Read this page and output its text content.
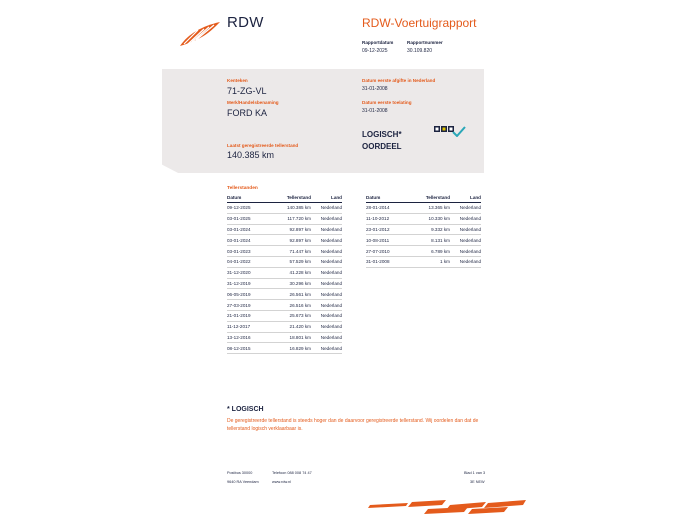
RDW	RDW-Voertuigrapport
Rapportdatum
09-12-2025
Rapportnummer
30.109.820
Kenteken
71-ZG-VL
Merk/Handelsbenaming
FORD KA
Laatst geregistreerde tellerstand
140.385 km
Datum eerste afgifte in Nederland
31-01-2008
Datum eerste toelating
31-01-2008
LOGISCH*
OORDEEL
Tellerstanden
Datum	Tellerstand	Land
09-12-2025	140.385 km	Nederland
03-01-2025	117.720 km	Nederland
03-01-2024	92.897 km	Nederland
03-01-2024	92.897 km	Nederland
03-01-2023	71.447 km	Nederland
04-01-2022	57.529 km	Nederland
31-12-2020	41.228 km	Nederland
31-12-2019	30.296 km	Nederland
06-05-2019	26.561 km	Nederland
27-03-2019	26.516 km	Nederland
21-01-2019	25.673 km	Nederland
11-12-2017	21.420 km	Nederland
13-12-2016	18.801 km	Nederland
08-12-2015	16.829 km	Nederland
Datum	Tellerstand	Land
28-01-2014	13.365 km	Nederland
11-10-2012	10.330 km	Nederland
23-01-2012	9.332 km	Nederland
10-08-2011	8.131 km	Nederland
27-07-2010	6.789 km	Nederland
31-01-2008	1 km	Nederland
* LOGISCH
De geregistreerde tellerstand is steeds hoger dan de daarvoor geregistreerde tellerstand. Wij oordelen dan dat de tellerstand logisch verklaarbaar is.
Postbus 30000
9640 RA Veendam
Telefoon 088 008 74 47
www.rdw.nl
Blad 1 van 3
3E NEW
